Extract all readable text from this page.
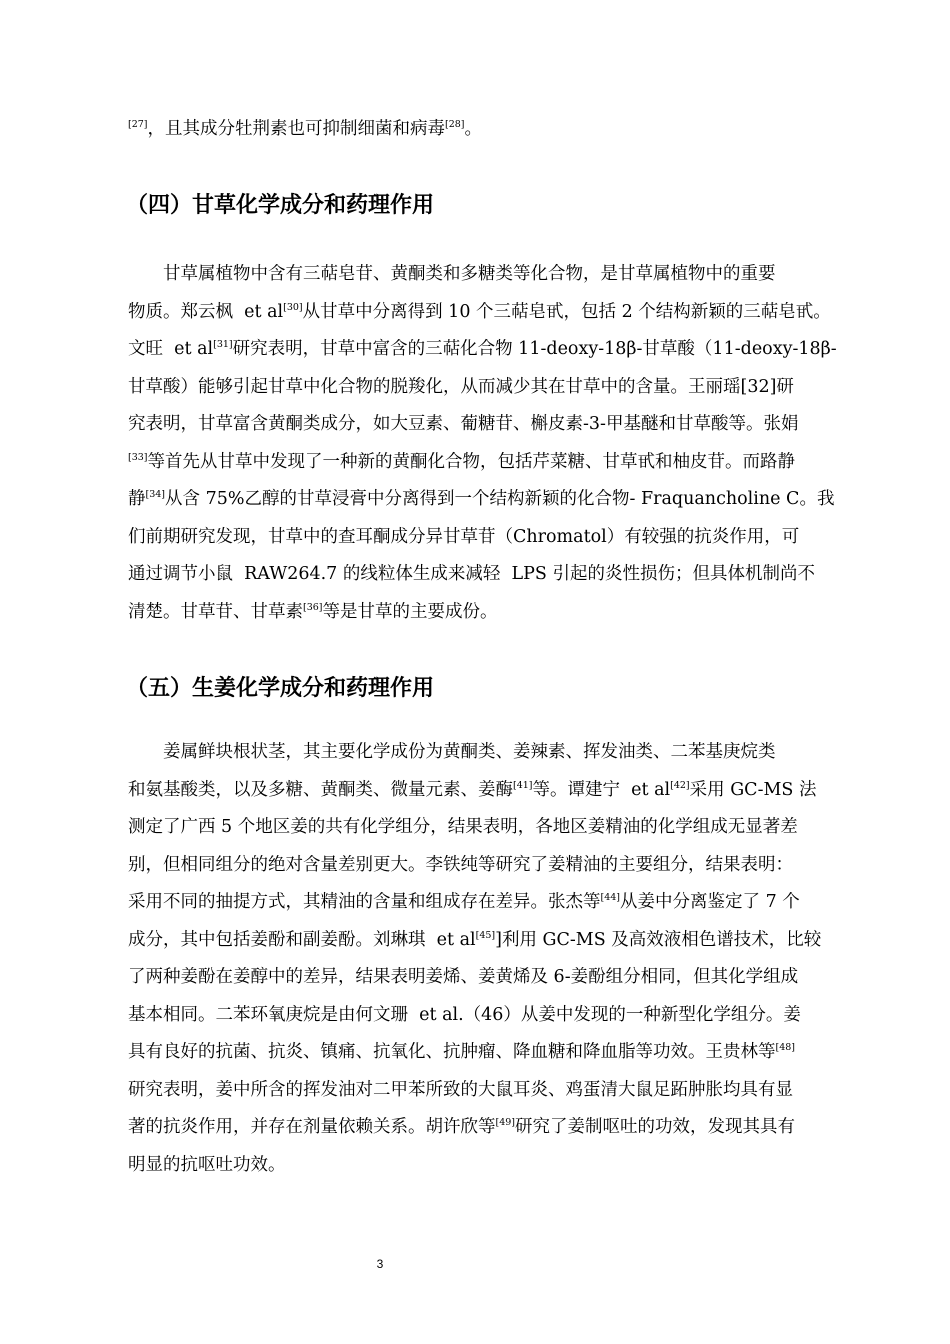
[27]，且其成分牡荆素也可抑制细菌和病毒[28]。

（四）甘草化学成分和药理作用

甘草属植物中含有三萜皂苷、黄酮类和多糖类等化合物，是甘草属植物中的重要

物质。郑云枫  et al[30]从甘草中分离得到 10 个三萜皂甙，包括 2 个结构新颖的三萜皂甙。

文旺  et al[31]研究表明，甘草中富含的三萜化合物 11-deoxy-18β-甘草酸（11-deoxy-18β-

甘草酸）能够引起甘草中化合物的脱羧化，从而减少其在甘草中的含量。王丽瑶[32]研

究表明，甘草富含黄酮类成分，如大豆素、葡糖苷、槲皮素-3-甲基醚和甘草酸等。张娟

[33]等首先从甘草中发现了一种新的黄酮化合物，包括芹菜糖、甘草甙和柚皮苷。而路静

静[34]从含 75%乙醇的甘草浸膏中分离得到一个结构新颖的化合物- Fraquancholine C。我

们前期研究发现，甘草中的查耳酮成分异甘草苷（Chromatol）有较强的抗炎作用，可

通过调节小鼠  RAW264.7 的线粒体生成来减轻  LPS 引起的炎性损伤；但具体机制尚不

清楚。甘草苷、甘草素[36]等是甘草的主要成份。

（五）生姜化学成分和药理作用

姜属鲜块根状茎，其主要化学成份为黄酮类、姜辣素、挥发油类、二苯基庚烷类

和氨基酸类，以及多糖、黄酮类、微量元素、姜酶[41]等。谭建宁  et al[42]采用 GC-MS 法

测定了广西 5 个地区姜的共有化学组分，结果表明，各地区姜精油的化学组成无显著差

别，但相同组分的绝对含量差别更大。李铁纯等研究了姜精油的主要组分，结果表明：

采用不同的抽提方式，其精油的含量和组成存在差异。张杰等[44]从姜中分离鉴定了 7 个

成分，其中包括姜酚和副姜酚。刘琳琪  et al[45]]利用 GC-MS 及高效液相色谱技术，比较

了两种姜酚在姜醇中的差异，结果表明姜烯、姜黄烯及 6-姜酚组分相同，但其化学组成

基本相同。二苯环氧庚烷是由何文珊  et al.（46）从姜中发现的一种新型化学组分。姜

具有良好的抗菌、抗炎、镇痛、抗氧化、抗肿瘤、降血糖和降血脂等功效。王贵林等[48]

研究表明，姜中所含的挥发油对二甲苯所致的大鼠耳炎、鸡蛋清大鼠足跖肿胀均具有显

著的抗炎作用，并存在剂量依赖关系。胡许欣等[49]研究了姜制呕吐的功效，发现其具有

明显的抗呕吐功效。

3
